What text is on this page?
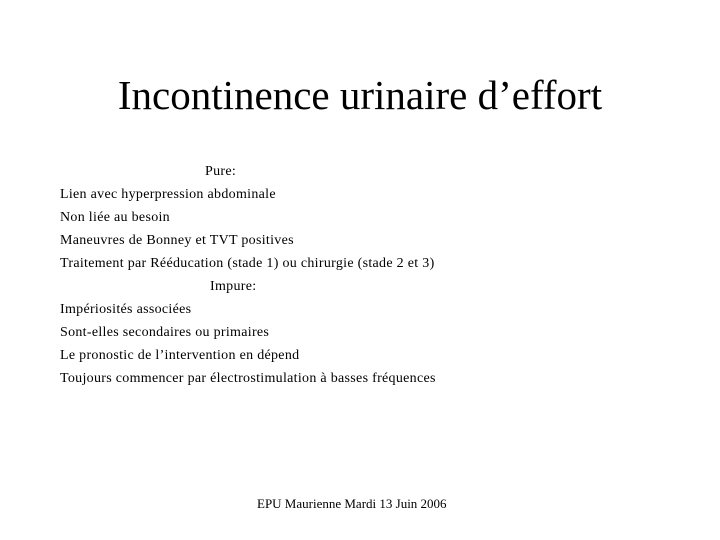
Incontinence urinaire d’effort
Pure:
Lien avec hyperpression abdominale
Non liée au besoin
Maneuvres de Bonney et TVT positives
Traitement par Rééducation (stade 1) ou chirurgie (stade 2 et 3)
Impure:
Impériosités associées
Sont-elles secondaires ou primaires
Le pronostic de l’intervention en dépend
Toujours commencer par électrostimulation à basses fréquences
EPU Maurienne Mardi 13 Juin 2006
